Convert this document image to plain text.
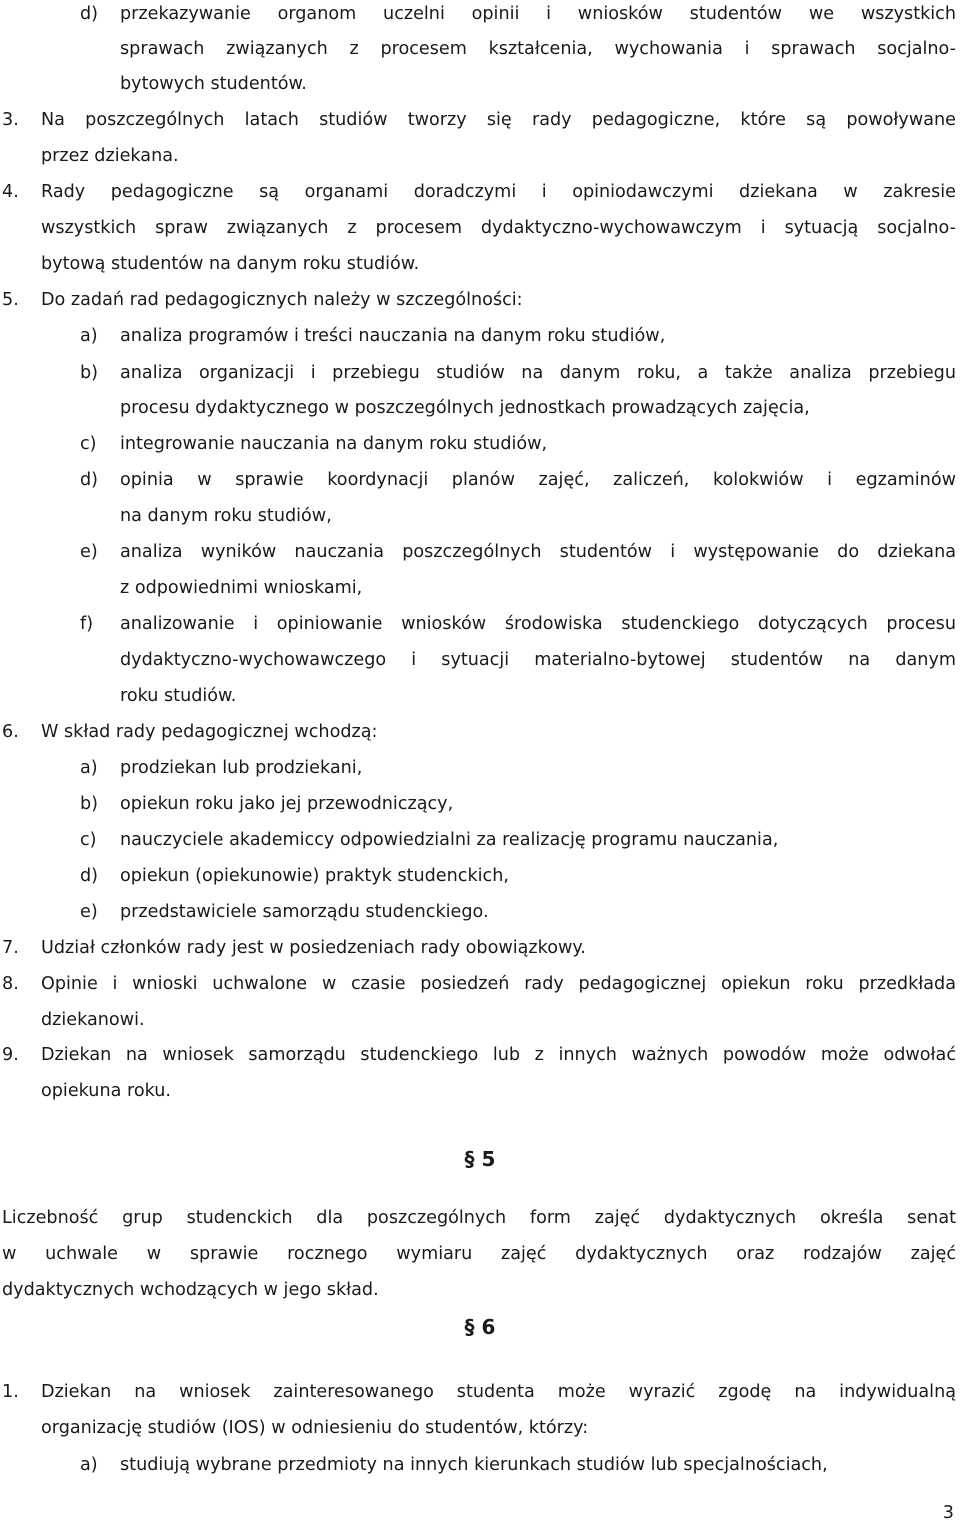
d) przekazywanie organom uczelni opinii i wniosków studentów we wszystkich

sprawach związanych z procesem kształcenia, wychowania i sprawach socjalno-

bytowych studentów.

3. Na poszczególnych latach studiów tworzy się rady pedagogiczne, które są powoływane

przez dziekana.

4. Rady pedagogiczne są organami doradczymi i opiniodawczymi dziekana w zakresie

wszystkich spraw związanych z procesem dydaktyczno-wychowawczym i sytuacją socjalno-

bytową studentów na danym roku studiów.

5. Do zadań rad pedagogicznych należy w szczególności:

a) analiza programów i treści nauczania na danym roku studiów,

b) analiza organizacji i przebiegu studiów na danym roku, a także analiza przebiegu

procesu dydaktycznego w poszczególnych jednostkach prowadzących zajęcia,

c) integrowanie nauczania na danym roku studiów,

d) opinia w sprawie koordynacji planów zajęć, zaliczeń, kolokwiów i egzaminów

na danym roku studiów,

e) analiza wyników nauczania poszczególnych studentów i występowanie do dziekana

z odpowiednimi wnioskami,

f) analizowanie i opiniowanie wniosków środowiska studenckiego dotyczących procesu

dydaktyczno-wychowawczego i sytuacji materialno-bytowej studentów na danym

roku studiów.

6. W skład rady pedagogicznej wchodzą:

a) prodziekan lub prodziekani,

b) opiekun roku jako jej przewodniczący,

c) nauczyciele akademiccy odpowiedzialni za realizację programu nauczania,

d) opiekun (opiekunowie) praktyk studenckich,

e) przedstawiciele samorządu studenckiego.

7. Udział członków rady jest w posiedzeniach rady obowiązkowy.

8. Opinie i wnioski uchwalone w czasie posiedzeń rady pedagogicznej opiekun roku przedkłada

dziekanowi.

9. Dziekan na wniosek samorządu studenckiego lub z innych ważnych powodów może odwołać

opiekuna roku.

§ 5

Liczebność grup studenckich dla poszczególnych form zajęć dydaktycznych określa senat

w uchwale w sprawie rocznego wymiaru zajęć dydaktycznych oraz rodzajów zajęć

dydaktycznych wchodzących w jego skład.

§ 6

1. Dziekan na wniosek zainteresowanego studenta może wyrazić zgodę na indywidualną

organizację studiów (IOS) w odniesieniu do studentów, którzy:

a) studiują wybrane przedmioty na innych kierunkach studiów lub specjalnościach,

3
